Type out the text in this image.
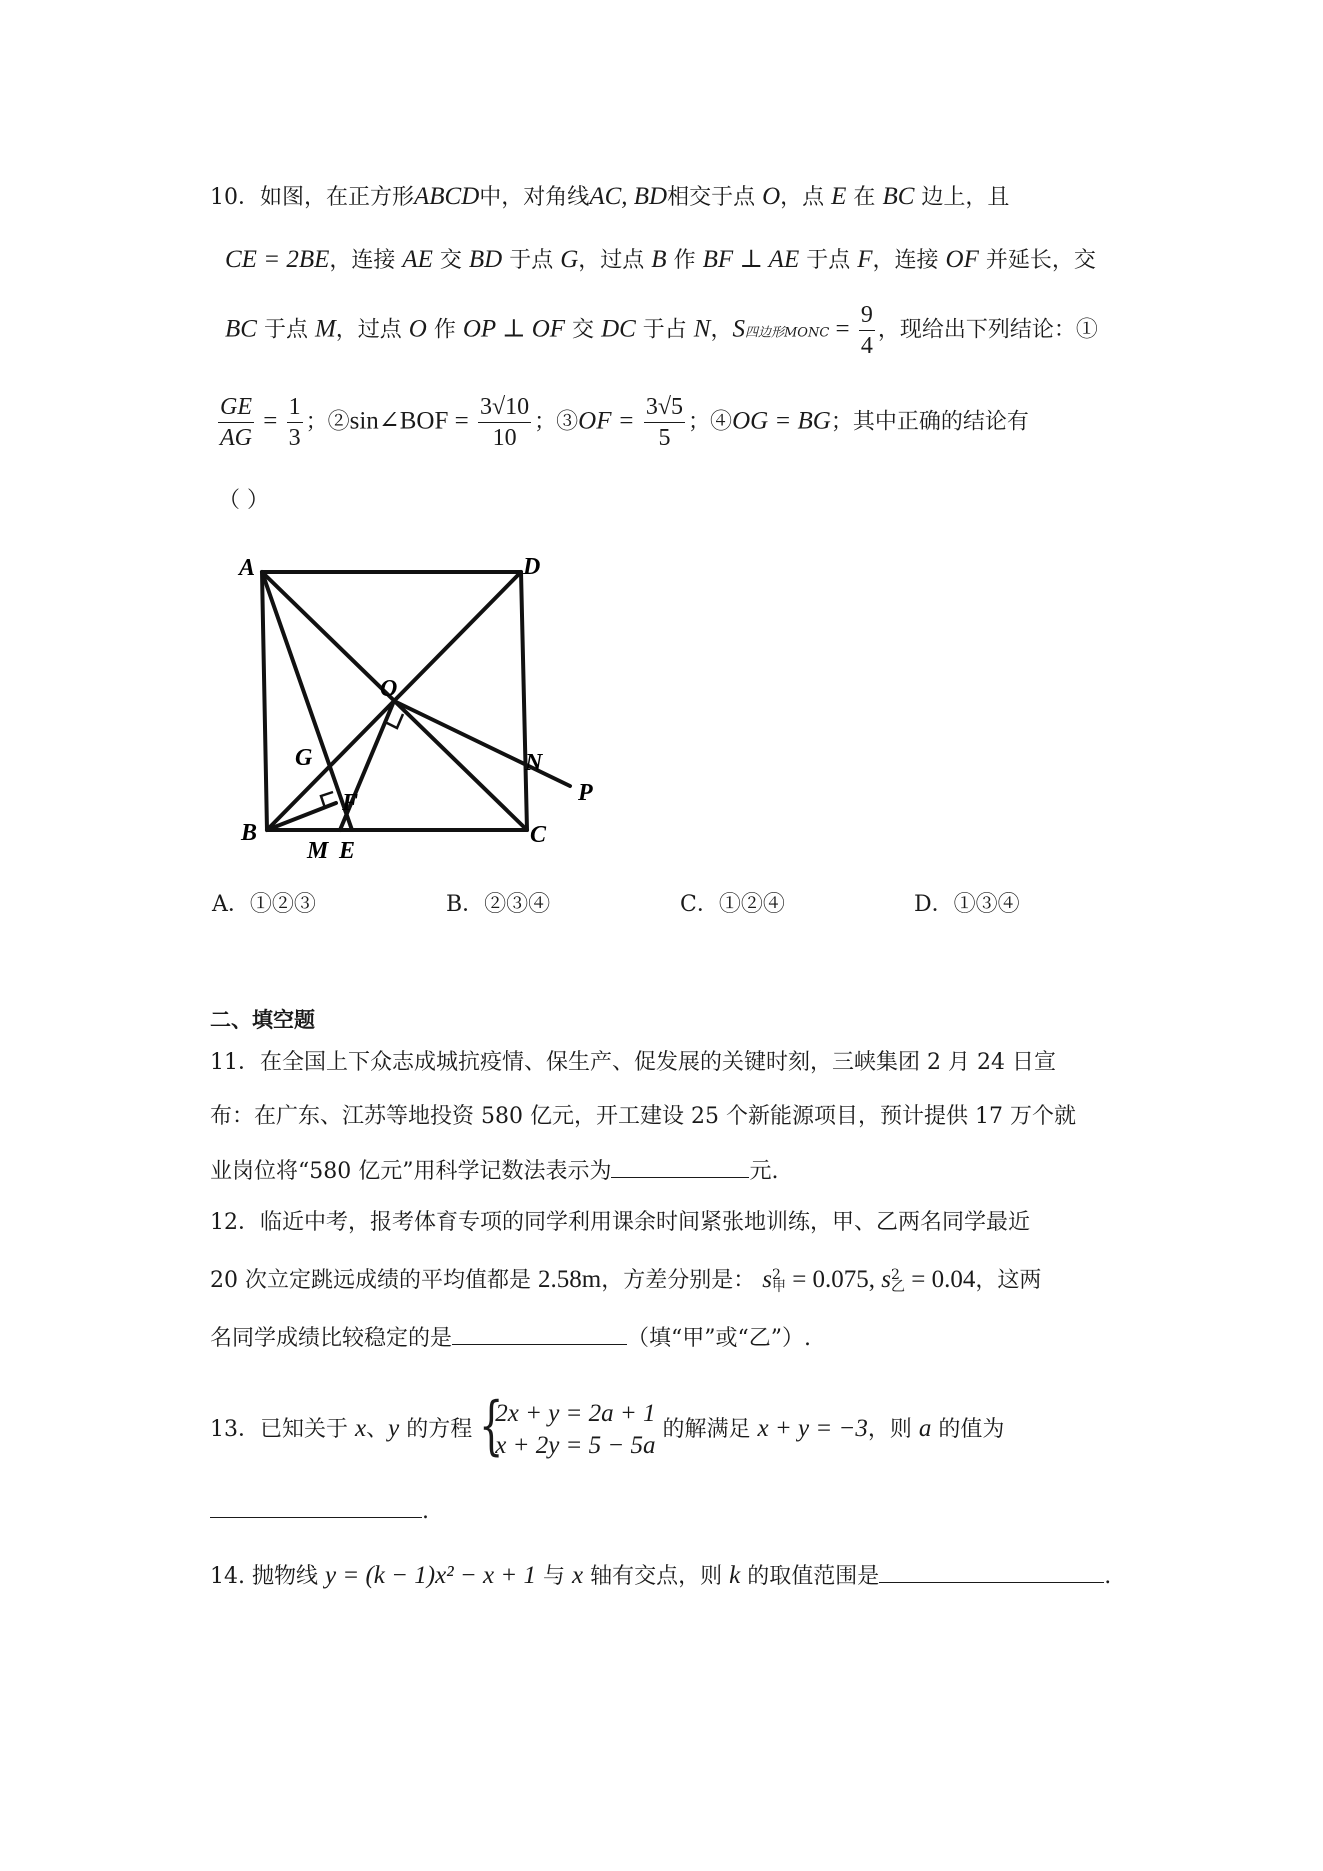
10．如图，在正方形ABCD中，对角线AC, BD相交于点 O，点 E 在 BC 边上，且
CE = 2BE，连接 AE 交 BD 于点 G，过点 B 作 BF ⊥ AE 于点 F，连接 OF 并延长，交
BC 于点 M，过点 O 作 OP ⊥ OF 交 DC 于占 N，S四边形MONC = $\frac{9}{4}$ ，现给出下列结论：①
$\frac{GE}{AG} = \frac{1}{3}$ ；②sin∠BOF = $\frac{3√10}{10}$ ；③OF = $\frac{3√5}{5}$ ；④OG = BG；其中正确的结论有
（ ）
A	D
O
G	N
P
F
B	C
M E
A．①②③	B．②③④	C．①②④	D．①③④
二、填空题
11．在全国上下众志成城抗疫情、保生产、促发展的关键时刻，三峡集团 2 月 24 日宣
布：在广东、江苏等地投资 580 亿元，开工建设 25 个新能源项目，预计提供 17 万个就
业岗位将“580 亿元”用科学记数法表示为	元.
12．临近中考，报考体育专项的同学利用课余时间紧张地训练，甲、乙两名同学最近
20 次立定跳远成绩的平均值都是 2.58m，方差分别是： s 2
甲 = 0.075, s 2
乙 = 0.04，这两
名同学成绩比较稳定的是	（填“甲”或“乙”）.
13．已知关于 x、y 的方程 {
2x + y = 2a + 1
x + 2y = 5 − 5a
的解满足 x + y = −3，则 a 的值为
.
14. 抛物线 y = (k − 1)x² − x + 1 与 x 轴有交点，则 k 的取值范围是	.
